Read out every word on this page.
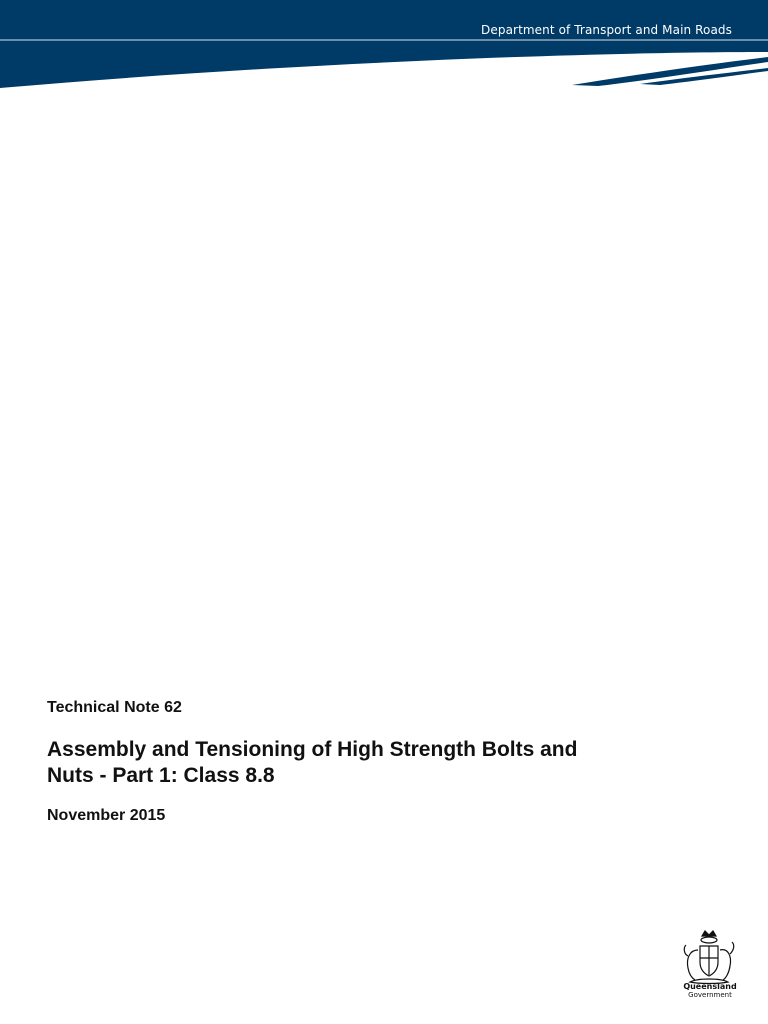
Department of Transport and Main Roads
Technical Note 62
Assembly and Tensioning of High Strength Bolts and
Nuts - Part 1: Class 8.8
November 2015
Queensland
Government
